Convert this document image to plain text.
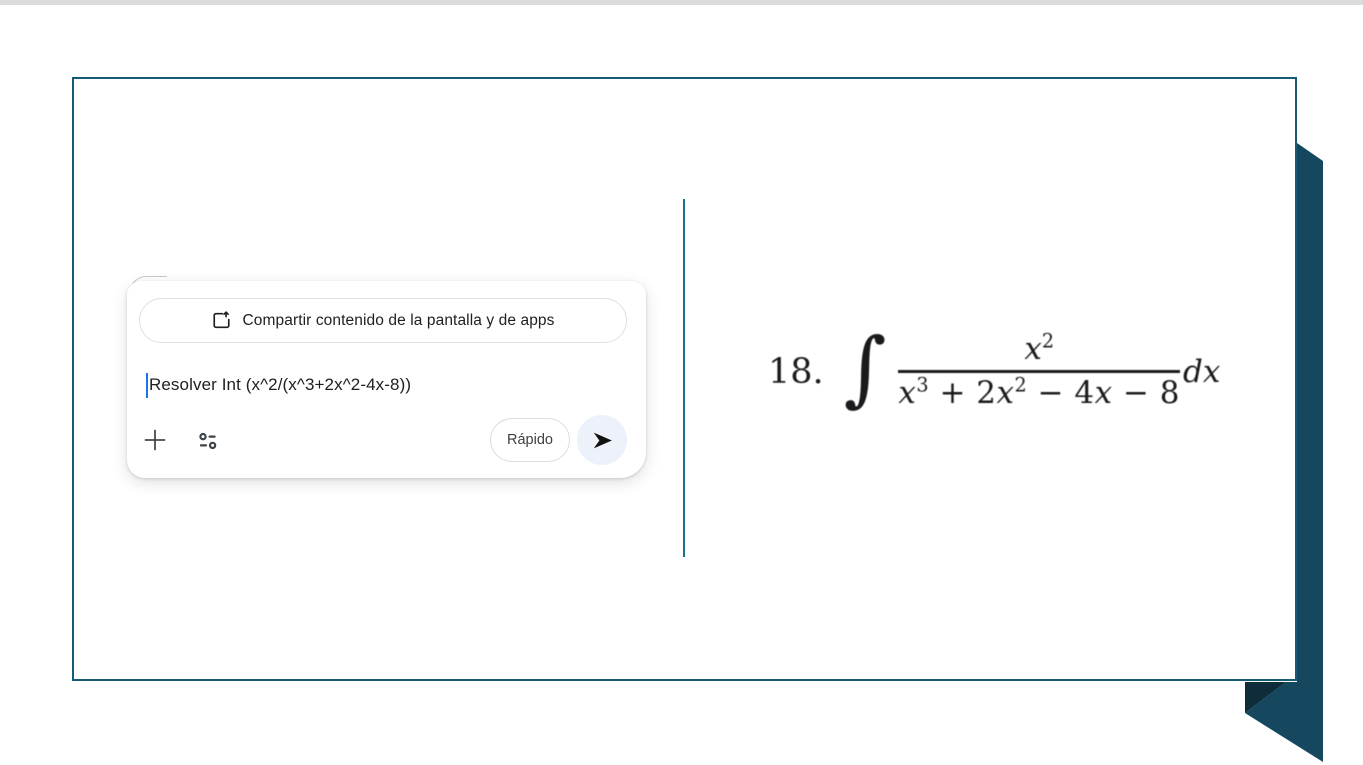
Compartir contenido de la pantalla y de apps
Resolver Int (x^2/(x^3+2x^2-4x-8))
Rápido
18. ∫ $\frac{x^2}{x^3 + 2x^2 - 4x - 8}$ dx
